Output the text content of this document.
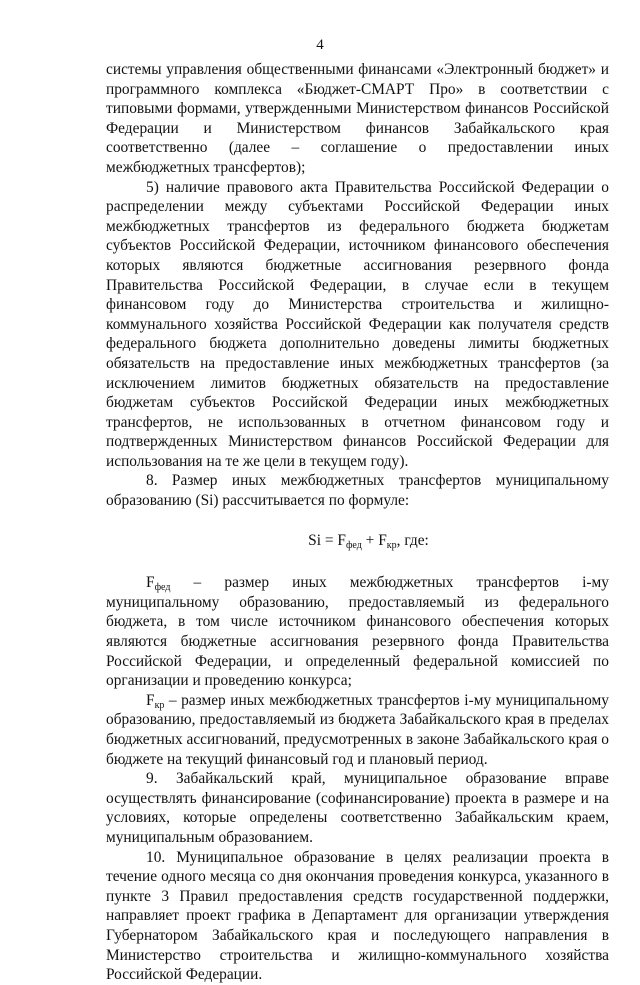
4

системы управления общественными финансами «Электронный бюджет» и программного комплекса «Бюджет-СМАРТ Про» в соответствии с типовыми формами, утвержденными Министерством финансов Российской Федерации и Министерством финансов Забайкальского края соответственно (далее – соглашение о предоставлении иных межбюджетных трансфертов);

5) наличие правового акта Правительства Российской Федерации о распределении между субъектами Российской Федерации иных межбюджетных трансфертов из федерального бюджета бюджетам субъектов Российской Федерации, источником финансового обеспечения которых являются бюджетные ассигнования резервного фонда Правительства Российской Федерации, в случае если в текущем финансовом году до Министерства строительства и жилищно-коммунального хозяйства Российской Федерации как получателя средств федерального бюджета дополнительно доведены лимиты бюджетных обязательств на предоставление иных межбюджетных трансфертов (за исключением лимитов бюджетных обязательств на предоставление бюджетам субъектов Российской Федерации иных межбюджетных трансфертов, не использованных в отчетном финансовом году и подтвержденных Министерством финансов Российской Федерации для использования на те же цели в текущем году).

8. Размер иных межбюджетных трансфертов муниципальному образованию (Si) рассчитывается по формуле:

$Si = F_{фед} + F_{кр}$, где:

$F_{фед}$ – размер иных межбюджетных трансфертов i-му муниципальному образованию, предоставляемый из федерального бюджета, в том числе источником финансового обеспечения которых являются бюджетные ассигнования резервного фонда Правительства Российской Федерации, и определенный федеральной комиссией по организации и проведению конкурса;

$F_{кр}$ – размер иных межбюджетных трансфертов i-му муниципальному образованию, предоставляемый из бюджета Забайкальского края в пределах бюджетных ассигнований, предусмотренных в законе Забайкальского края о бюджете на текущий финансовый год и плановый период.

9. Забайкальский край, муниципальное образование вправе осуществлять финансирование (софинансирование) проекта в размере и на условиях, которые определены соответственно Забайкальским краем, муниципальным образованием.

10. Муниципальное образование в целях реализации проекта в течение одного месяца со дня окончания проведения конкурса, указанного в пункте 3 Правил предоставления средств государственной поддержки, направляет проект графика в Департамент для организации утверждения Губернатором Забайкальского края и последующего направления в Министерство строительства и жилищно-коммунального хозяйства Российской Федерации.
